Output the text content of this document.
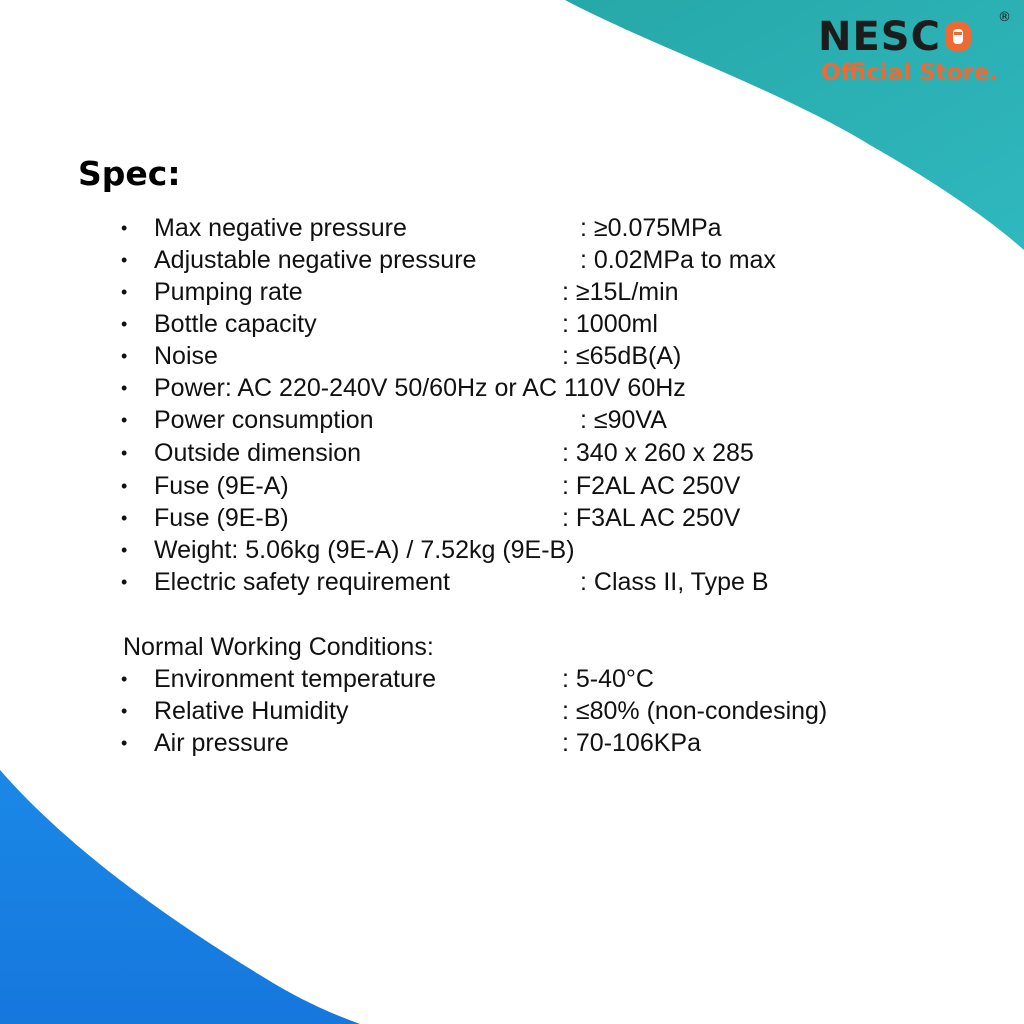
NESC	®
Official Store.
Spec:
• Max negative pressure	: ≥0.075MPa
• Adjustable negative pressure	: 0.02MPa to max
• Pumping rate	: ≥15L/min
• Bottle capacity	: 1000ml
• Noise	: ≤65dB(A)
• Power: AC 220-240V 50/60Hz or AC 110V 60Hz
• Power consumption	: ≤90VA
• Outside dimension	: 340 x 260 x 285
• Fuse (9E-A)	: F2AL AC 250V
• Fuse (9E-B)	: F3AL AC 250V
• Weight: 5.06kg (9E-A) / 7.52kg (9E-B)
• Electric safety requirement	: Class II, Type B
Normal Working Conditions:
• Environment temperature	: 5-40°C
• Relative Humidity	: ≤80% (non-condesing)
• Air pressure	: 70-106KPa
